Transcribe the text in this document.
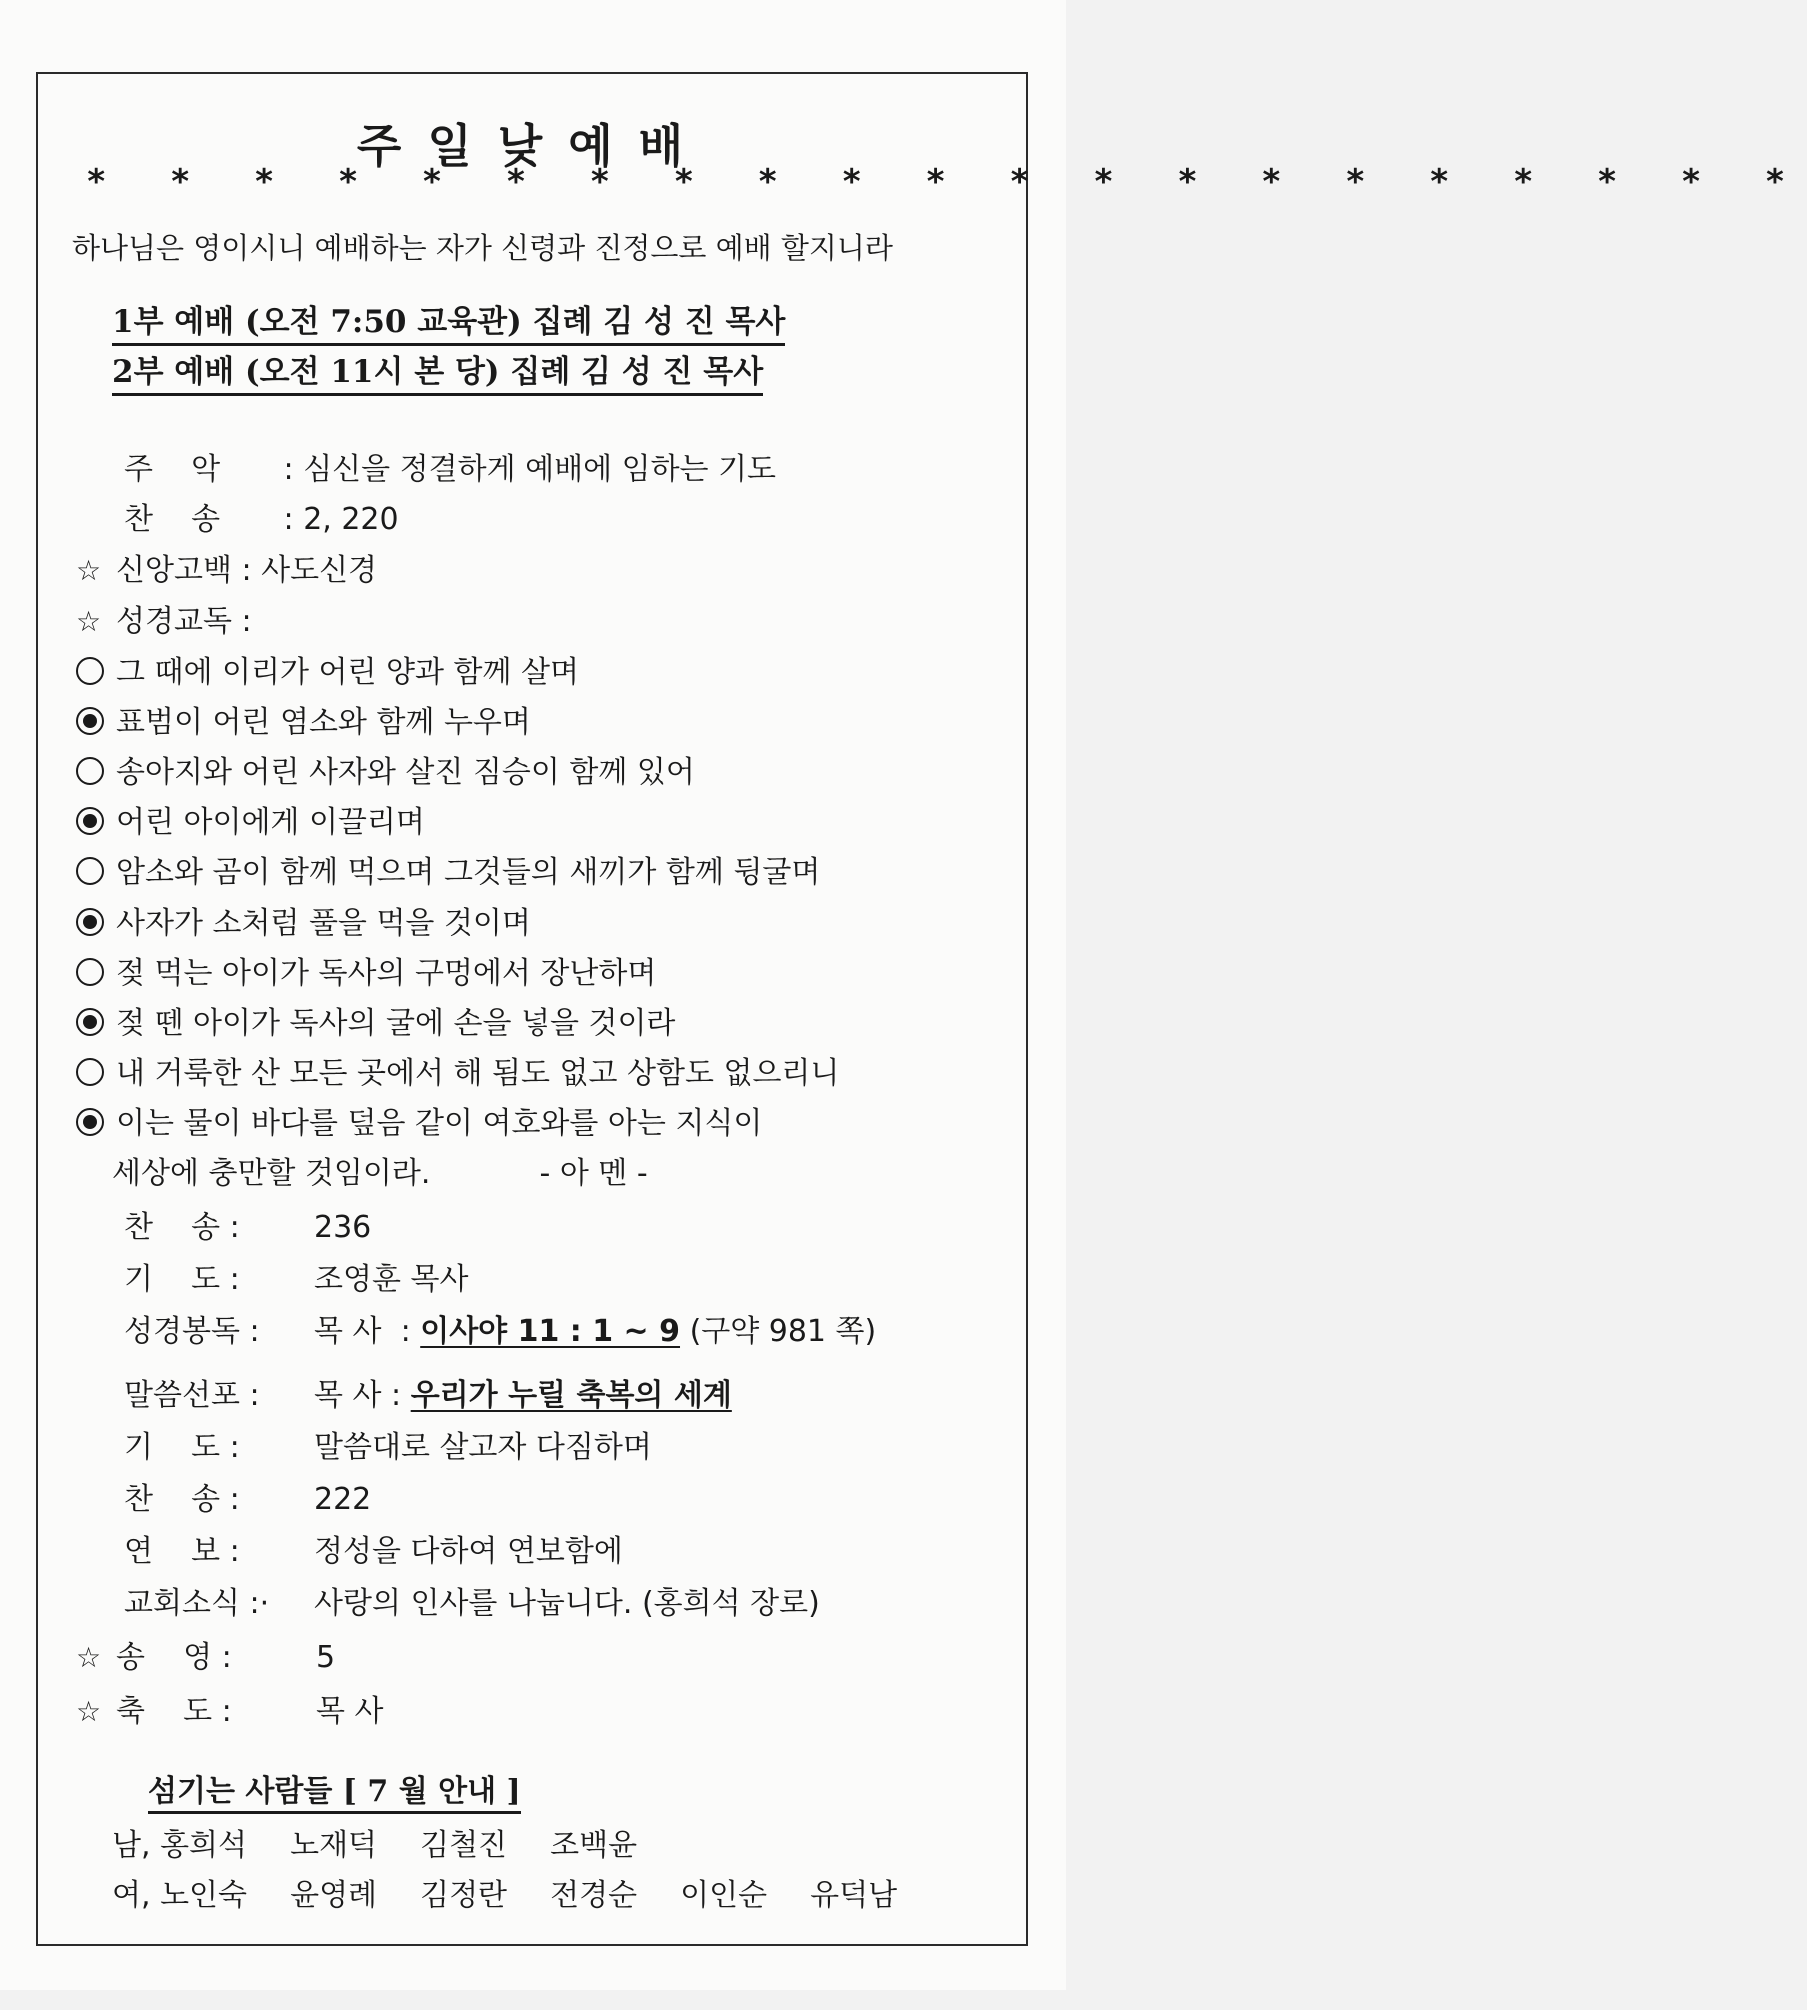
주일낮예배
* * * * * * * * * * * * * * * * * * * * *
하나님은 영이시니 예배하는 자가 신령과 진정으로 예배 할지니라
1부 예배 (오전 7:50 교육관) 집례 김 성 진 목사
2부 예배 (오전 11시 본 당) 집례 김 성 진 목사
주    악 : 심신을 정결하게 예배에 임하는 기도
찬    송 : 2, 220
☆ 신앙고백 : 사도신경
☆ 성경교독 :
그 때에 이리가 어린 양과 함께 살며
표범이 어린 염소와 함께 누우며
송아지와 어린 사자와 살진 짐승이 함께 있어
어린 아이에게 이끌리며
암소와 곰이 함께 먹으며 그것들의 새끼가 함께 뒹굴며
사자가 소처럼 풀을 먹을 것이며
젖 먹는 아이가 독사의 구멍에서 장난하며
젖 뗀 아이가 독사의 굴에 손을 넣을 것이라
내 거룩한 산 모든 곳에서 해 됨도 없고 상함도 없으리니
이는 물이 바다를 덮음 같이 여호와를 아는 지식이
세상에 충만할 것임이라.	- 아 멘 -
찬    송 : 236
기    도 : 조영훈 목사
성경봉독 : 목 사  : 이사야 11 : 1 ~ 9 (구약 981 쪽)
말씀선포 : 목 사 : 우리가 누릴 축복의 세계
기    도 : 말씀대로 살고자 다짐하며
찬    송 : 222
연    보 : 정성을 다하여 연보함에
교회소식 :· 사랑의 인사를 나눕니다. (홍희석 장로)
☆ 송    영 :	5
☆ 축    도 :	목 사
섬기는 사람들 [ 7 월 안내 ]
남, 홍희석  노재덕  김철진  조백윤
여, 노인숙  윤영례  김정란  전경순  이인순  유덕남
